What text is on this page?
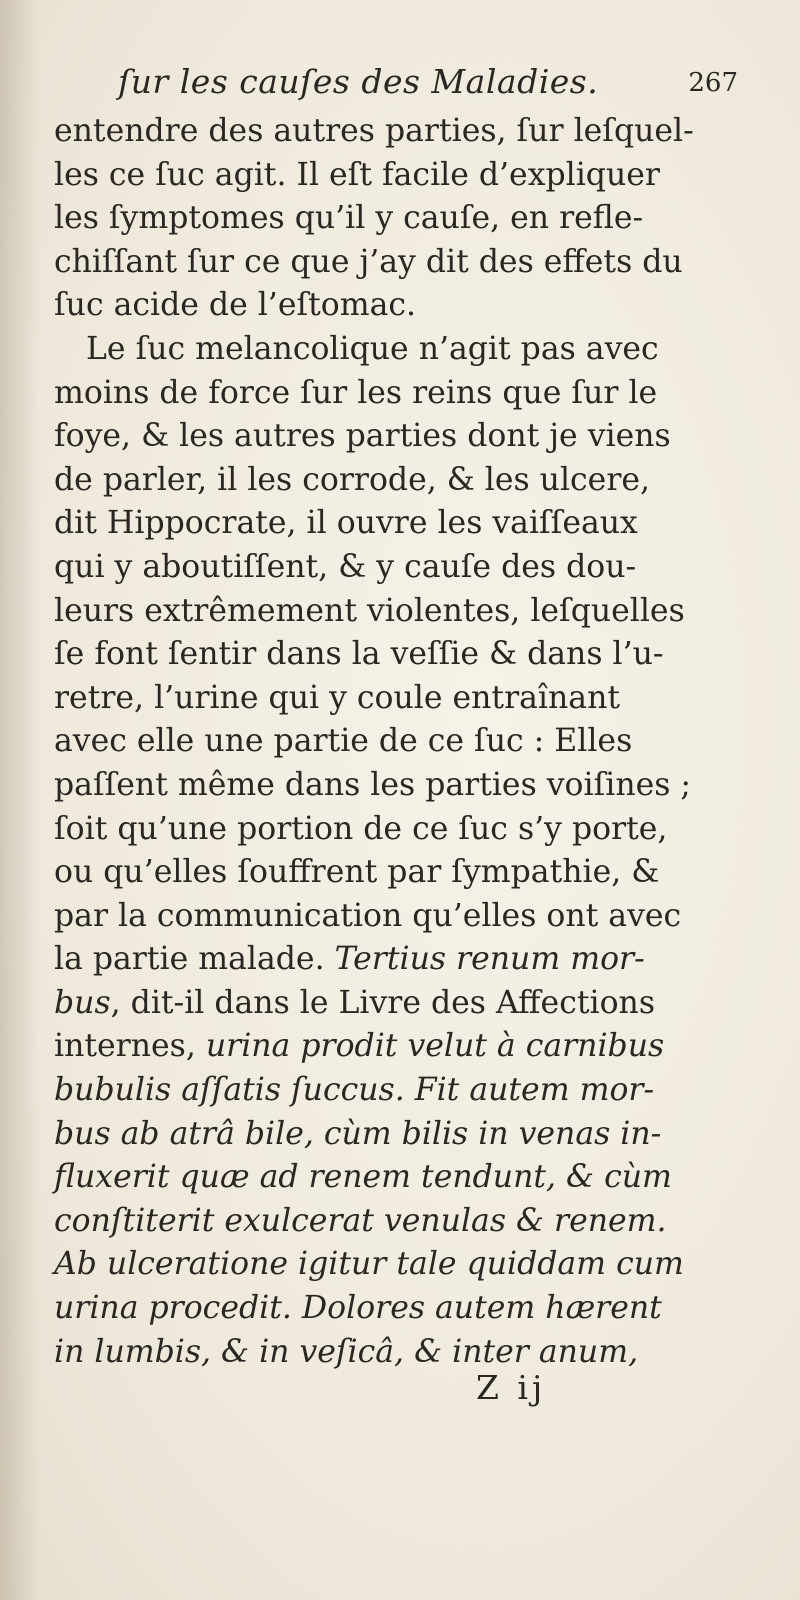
ſur les cauſes des Maladies.	267
entendre des autres parties, ſur leſquel-
les ce ſuc agit. Il eſt facile d’expliquer
les ſymptomes qu’il y cauſe, en refle-
chiſſant ſur ce que j’ay dit des effets du
ſuc acide de l’eſtomac.
Le ſuc melancolique n’agit pas avec
moins de force ſur les reins que ſur le
foye, & les autres parties dont je viens
de parler, il les corrode, & les ulcere,
dit Hippocrate, il ouvre les vaiſſeaux
qui y aboutiſſent, & y cauſe des dou-
leurs extrêmement violentes, leſquelles
ſe font ſentir dans la veſſie & dans l’u-
retre, l’urine qui y coule entraînant
avec elle une partie de ce ſuc : Elles
paſſent même dans les parties voiſines ;
ſoit qu’une portion de ce ſuc s’y porte,
ou qu’elles ſouffrent par ſympathie, &
par la communication qu’elles ont avec
la partie malade. Tertius renum mor-
bus, dit-il dans le Livre des Affections
internes, urina prodit velut à carnibus
bubulis aſſatis ſuccus. Fit autem mor-
bus ab atrâ bile, cùm bilis in venas in-
fluxerit quæ ad renem tendunt, & cùm
conſtiterit exulcerat venulas & renem.
Ab ulceratione igitur tale quiddam cum
urina procedit. Dolores autem hærent
in lumbis, & in veſicâ, & inter anum,
Z ij
